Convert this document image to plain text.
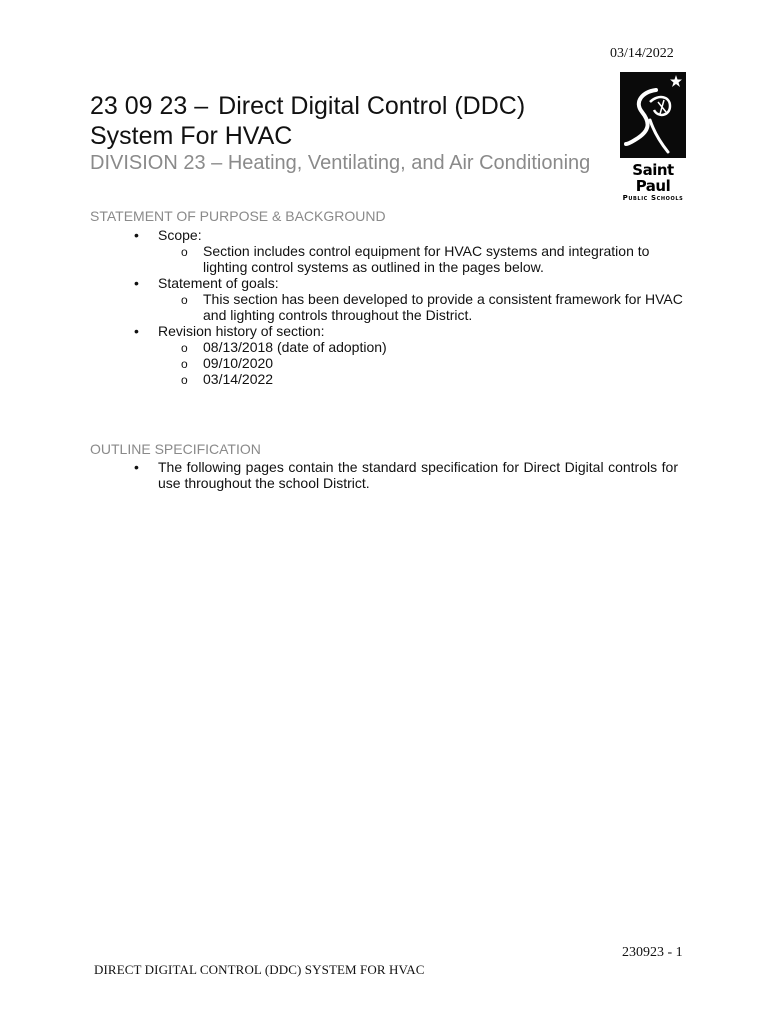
03/14/2022
23 09 23 – Direct Digital Control (DDC)
System For HVAC
DIVISION 23 – Heating, Ventilating, and Air Conditioning	Saint Paul
Public Schools
STATEMENT OF PURPOSE & BACKGROUND
• Scope:
o Section includes control equipment for HVAC systems and integration to lighting control systems as outlined in the pages below.
• Statement of goals:
o This section has been developed to provide a consistent framework for HVAC and lighting controls throughout the District.
• Revision history of section:
o 08/13/2018 (date of adoption)
o 09/10/2020
o 03/14/2022
OUTLINE SPECIFICATION
• The following pages contain the standard specification for Direct Digital controls for use throughout the school District.
230923 - 1
DIRECT DIGITAL CONTROL (DDC) SYSTEM FOR HVAC
